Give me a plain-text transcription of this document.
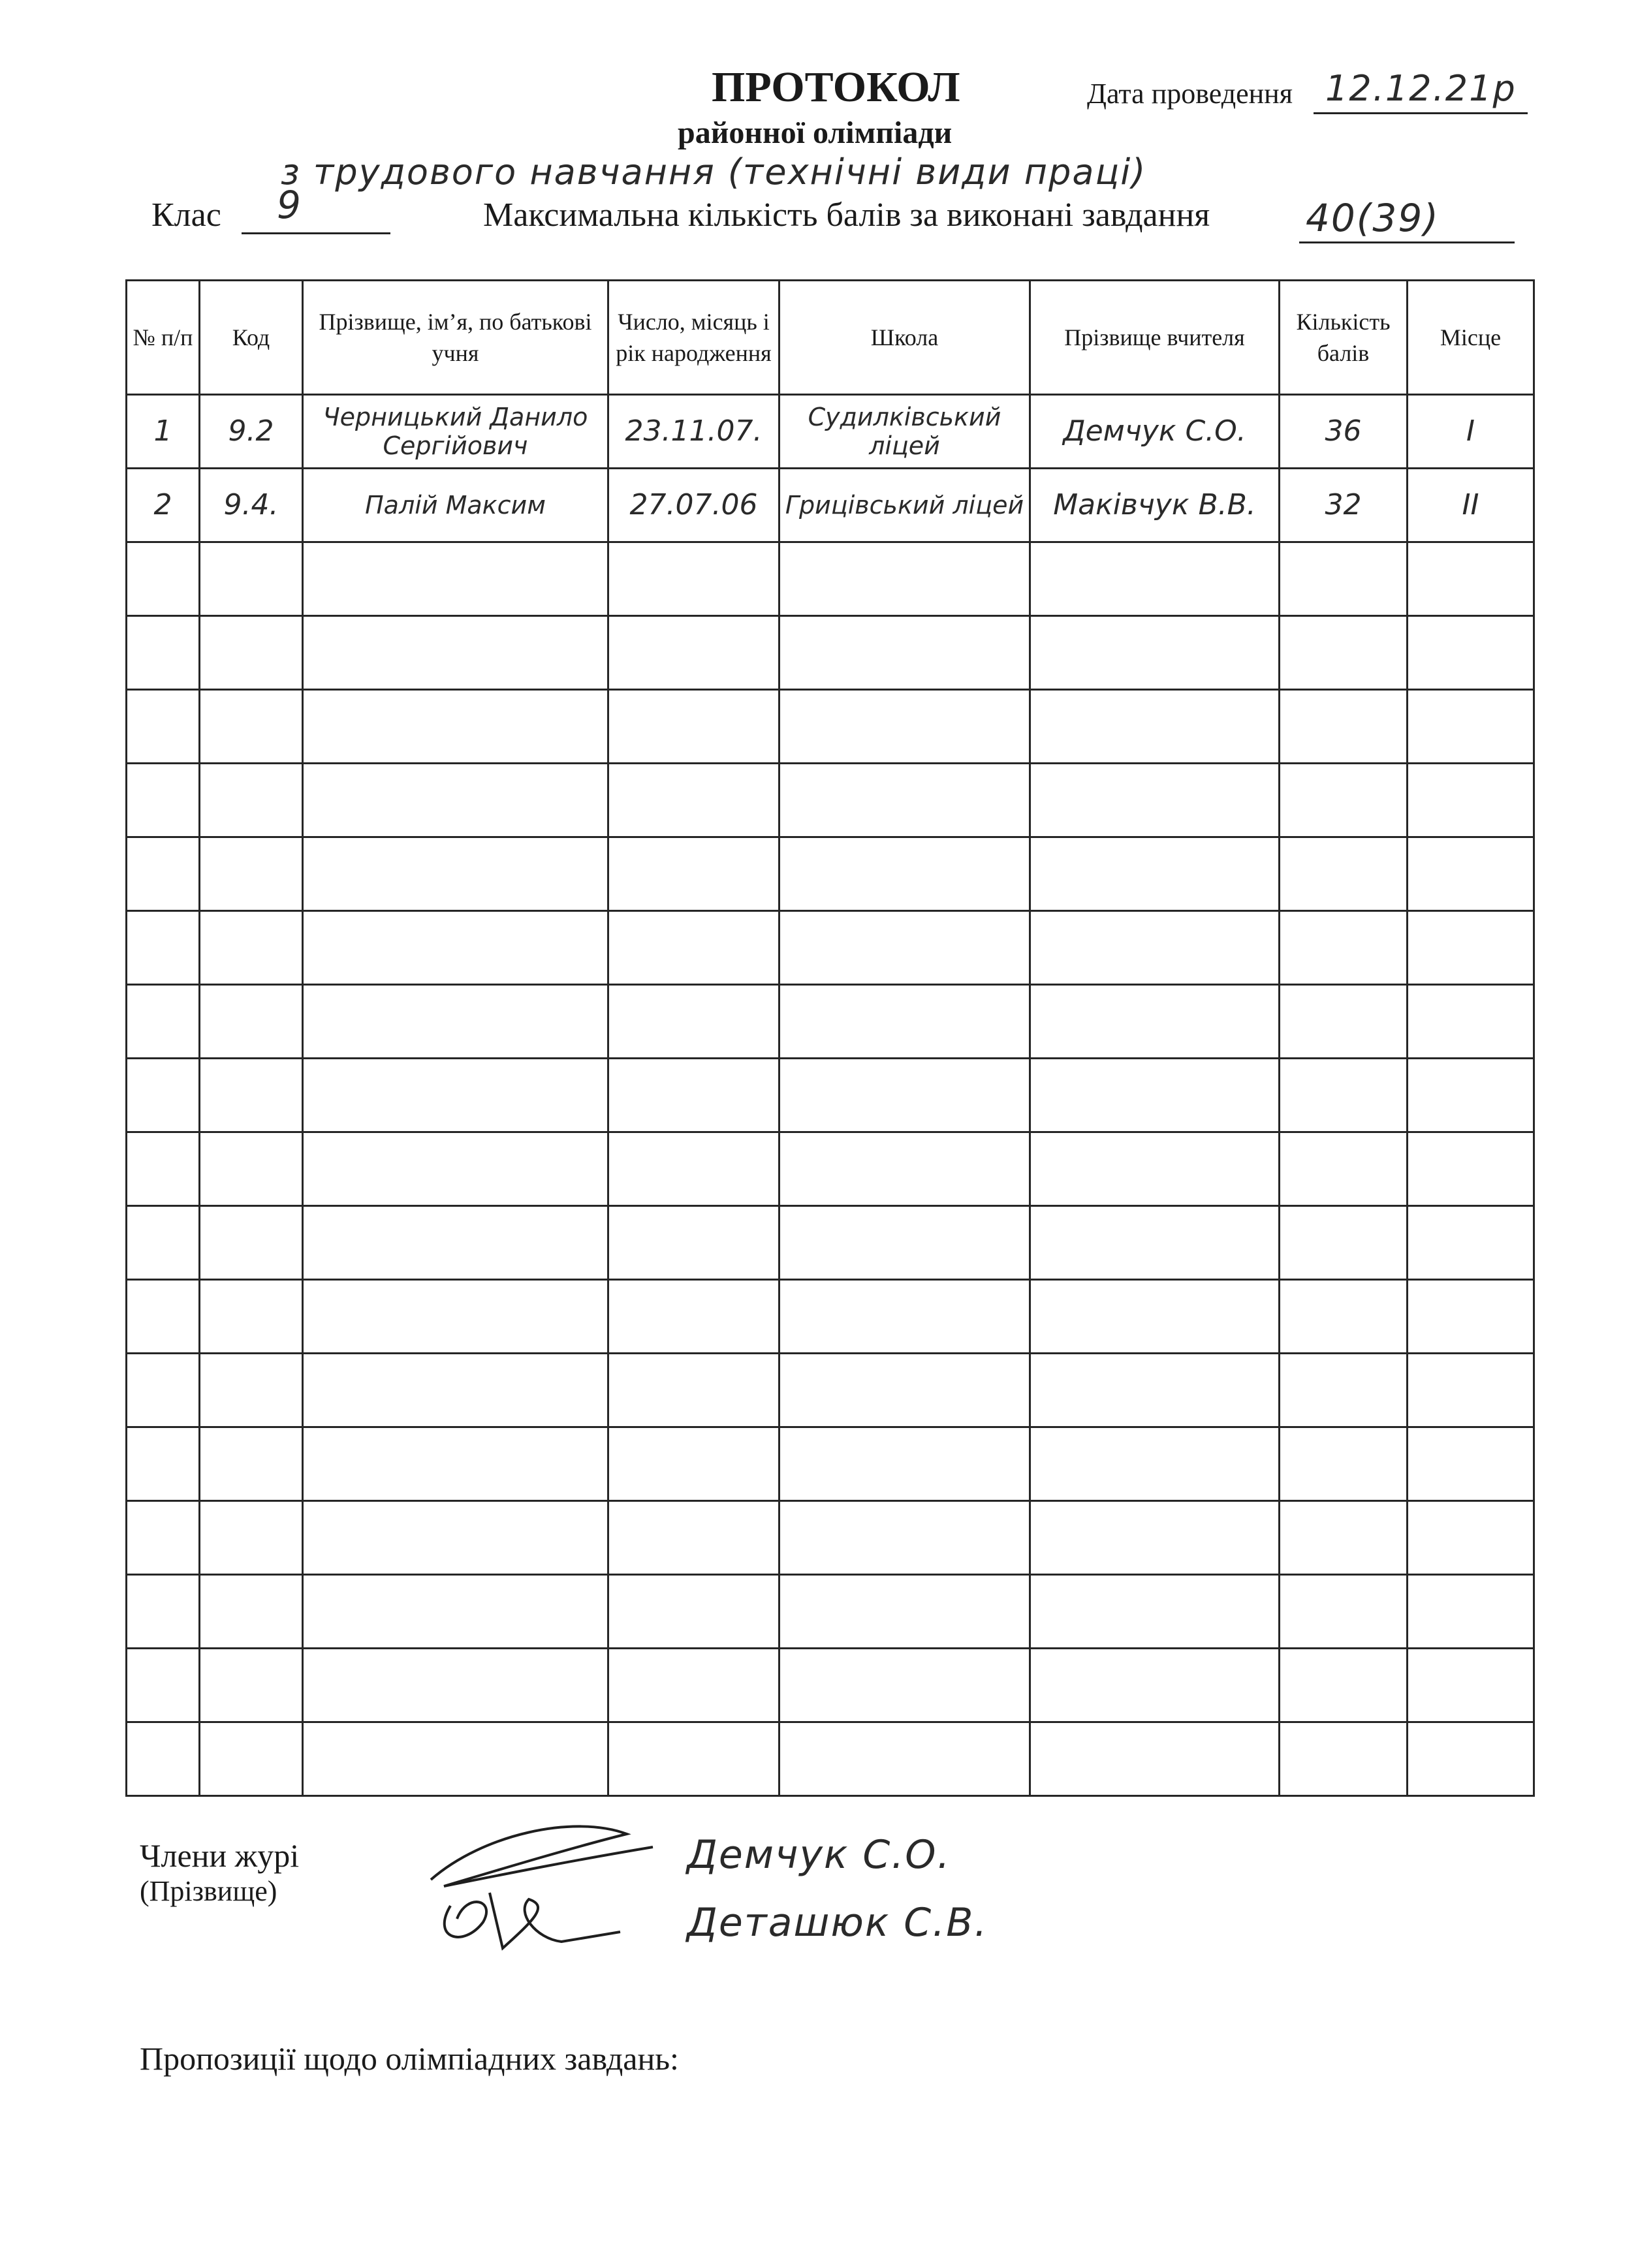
ПРОТОКОЛ
районної олімпіади
Дата проведення 12.12.21р
з трудового навчання (технічні види праці)
Клас 9	Максимальна кількість балів за виконані завдання	40(39)
№ п/п	Код	Прізвище, ім’я, по батькові учня	Число, місяць і рік народження	Школа	Прізвище вчителя	Кількість балів	Місце
1	9.2	Черницький Данило Сергійович	23.11.07.	Судилківський ліцей	Демчук С.О.	36	I
2	9.4.	Палій Максим	27.07.06	Грицівський ліцей	Маківчук В.В.	32	II

Члени журі
(Прізвище)
Демчук С.О.
Деташюк С.В.
Пропозиції щодо олімпіадних завдань:
